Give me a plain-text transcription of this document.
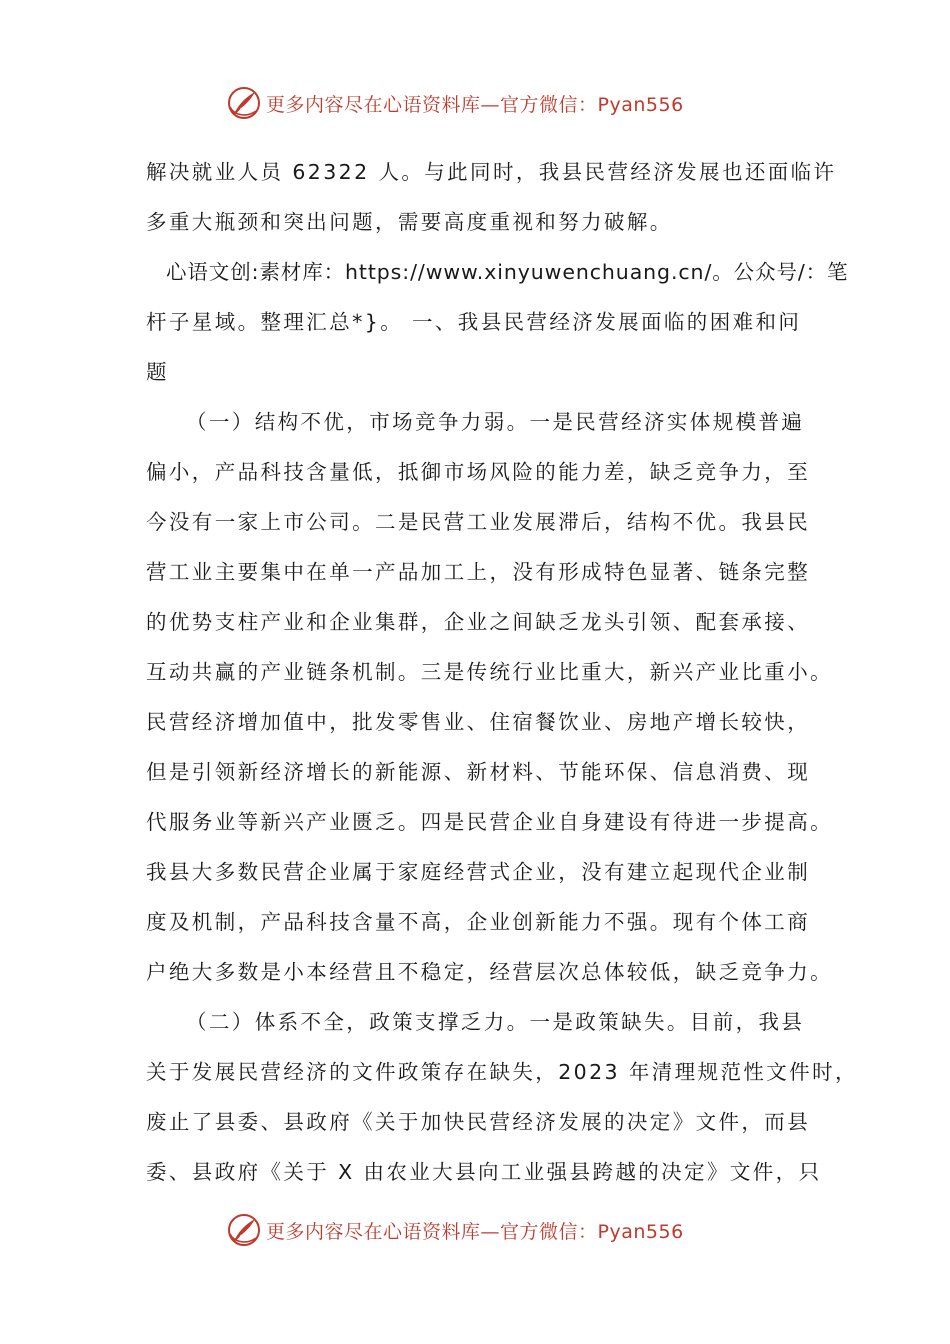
更多内容尽在心语资料库—官方微信：Pyan556
解决就业人员 62322 人。与此同时，我县民营经济发展也还面临许
多重大瓶颈和突出问题，需要高度重视和努力破解。
心语文创:素材库：https://www.xinyuwenchuang.cn/。公众号/：笔
杆子星域。整理汇总*}。 一、我县民营经济发展面临的困难和问
题
（一）结构不优，市场竞争力弱。一是民营经济实体规模普遍
偏小，产品科技含量低，抵御市场风险的能力差，缺乏竞争力，至
今没有一家上市公司。二是民营工业发展滞后，结构不优。我县民
营工业主要集中在单一产品加工上，没有形成特色显著、链条完整
的优势支柱产业和企业集群，企业之间缺乏龙头引领、配套承接、
互动共赢的产业链条机制。三是传统行业比重大，新兴产业比重小。
民营经济增加值中，批发零售业、住宿餐饮业、房地产增长较快，
但是引领新经济增长的新能源、新材料、节能环保、信息消费、现
代服务业等新兴产业匮乏。四是民营企业自身建设有待进一步提高。
我县大多数民营企业属于家庭经营式企业，没有建立起现代企业制
度及机制，产品科技含量不高，企业创新能力不强。现有个体工商
户绝大多数是小本经营且不稳定，经营层次总体较低，缺乏竞争力。
（二）体系不全，政策支撑乏力。一是政策缺失。目前，我县
关于发展民营经济的文件政策存在缺失，2023 年清理规范性文件时，
废止了县委、县政府《关于加快民营经济发展的决定》文件，而县
委、县政府《关于 X 由农业大县向工业强县跨越的决定》文件，只
更多内容尽在心语资料库—官方微信：Pyan556
